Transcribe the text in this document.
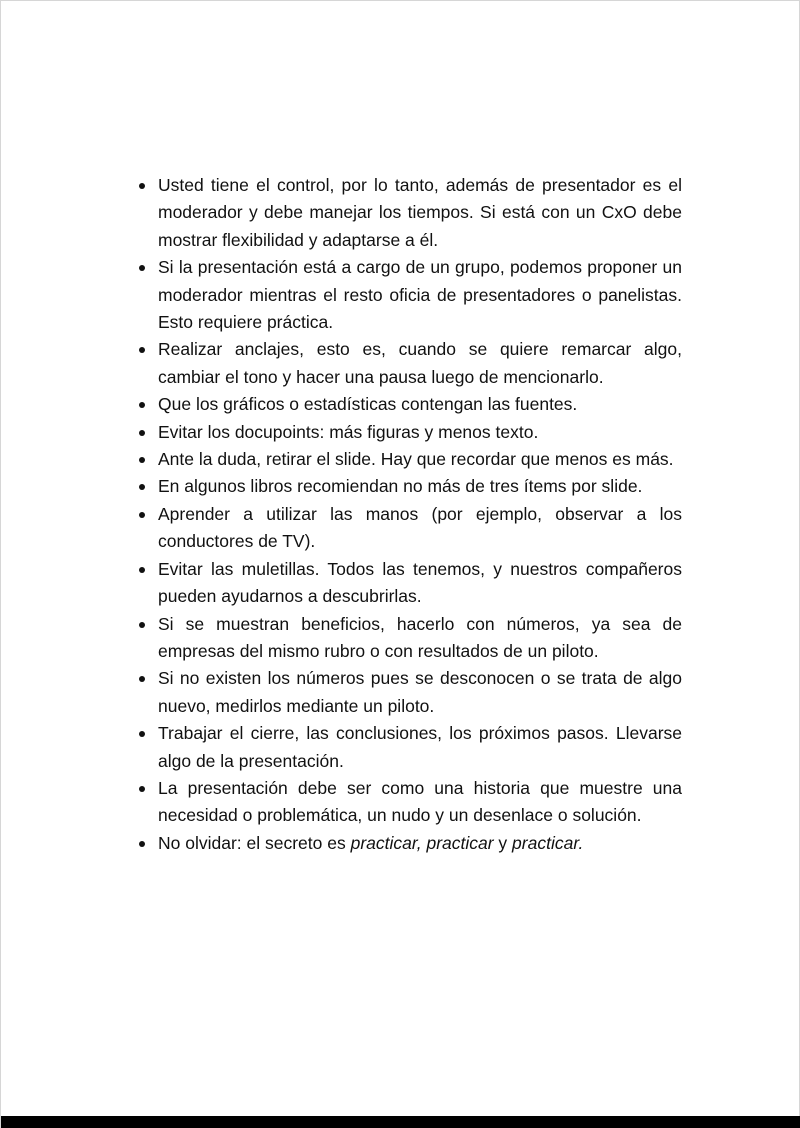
Usted tiene el control, por lo tanto, además de presentador es el moderador y debe manejar los tiempos. Si está con un CxO debe mostrar flexibilidad y adaptarse a él.
Si la presentación está a cargo de un grupo, podemos proponer un moderador mientras el resto oficia de presentadores o panelistas. Esto requiere práctica.
Realizar anclajes, esto es, cuando se quiere remarcar algo, cambiar el tono y hacer una pausa luego de mencionarlo.
Que los gráficos o estadísticas contengan las fuentes.
Evitar los docupoints: más figuras y menos texto.
Ante la duda, retirar el slide. Hay que recordar que menos es más.
En algunos libros recomiendan no más de tres ítems por slide.
Aprender a utilizar las manos (por ejemplo, observar a los conductores de TV).
Evitar las muletillas. Todos las tenemos, y nuestros compañeros pueden ayudarnos a descubrirlas.
Si se muestran beneficios, hacerlo con números, ya sea de empresas del mismo rubro o con resultados de un piloto.
Si no existen los números pues se desconocen o se trata de algo nuevo, medirlos mediante un piloto.
Trabajar el cierre, las conclusiones, los próximos pasos. Llevarse algo de la presentación.
La presentación debe ser como una historia que muestre una necesidad o problemática, un nudo y un desenlace o solución.
No olvidar: el secreto es practicar, practicar y practicar.
